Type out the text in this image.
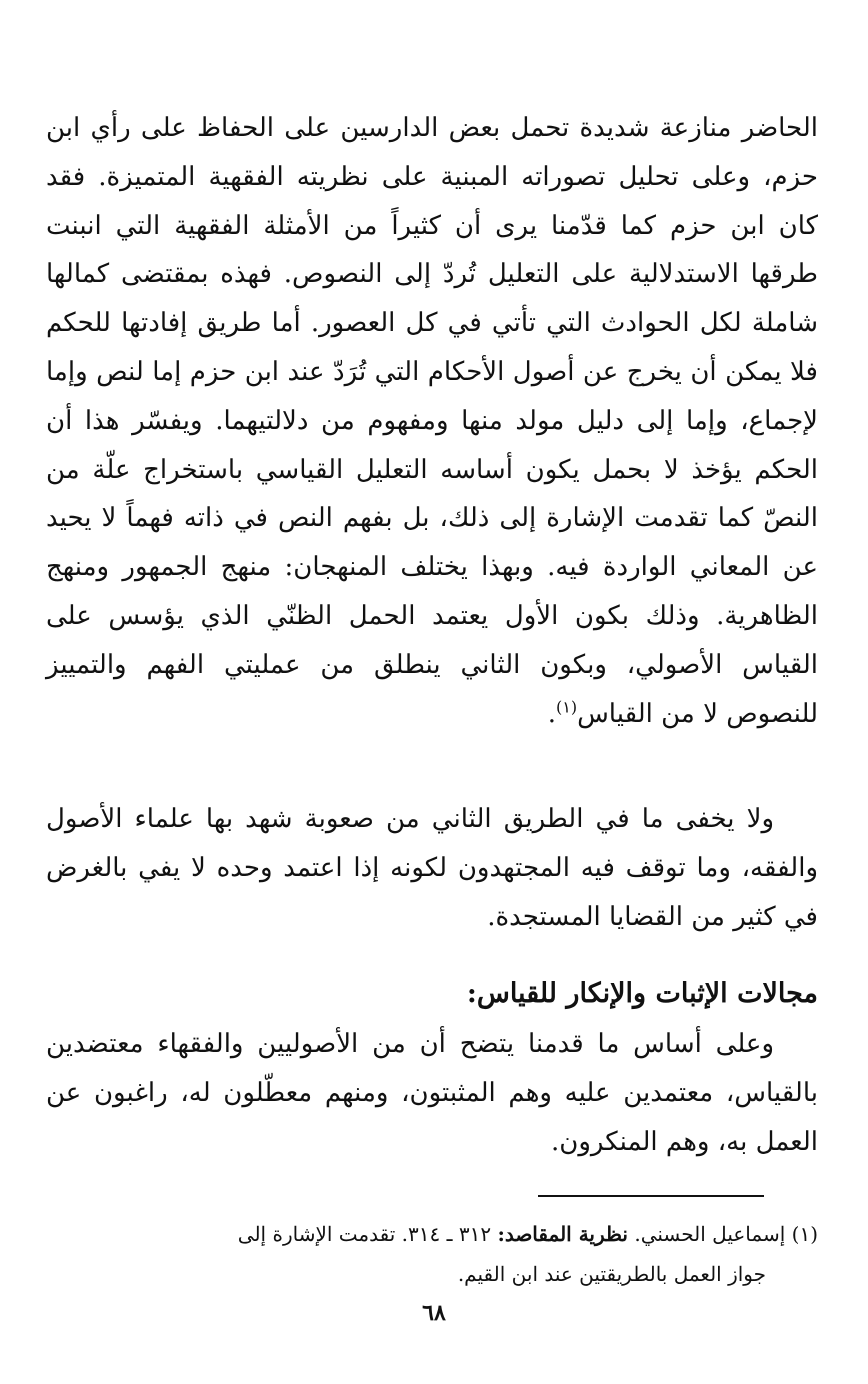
الحاضر منازعة شديدة تحمل بعض الدارسين على الحفاظ على رأي ابن حزم، وعلى تحليل تصوراته المبنية على نظريته الفقهية المتميزة. فقد كان ابن حزم كما قدّمنا يرى أن كثيراً من الأمثلة الفقهية التي انبنت طرقها الاستدلالية على التعليل تُردّ إلى النصوص. فهذه بمقتضى كمالها شاملة لكل الحوادث التي تأتي في كل العصور. أما طريق إفادتها للحكم فلا يمكن أن يخرج عن أصول الأحكام التي تُرَدّ عند ابن حزم إما لنص وإما لإجماع، وإما إلى دليل مولد منها ومفهوم من دلالتيهما. ويفسّر هذا أن الحكم يؤخذ لا بحمل يكون أساسه التعليل القياسي باستخراج علّة من النصّ كما تقدمت الإشارة إلى ذلك، بل بفهم النص في ذاته فهماً لا يحيد عن المعاني الواردة فيه. وبهذا يختلف المنهجان: منهج الجمهور ومنهج الظاهرية. وذلك بكون الأول يعتمد الحمل الظنّي الذي يؤسس على القياس الأصولي، وبكون الثاني ينطلق من عمليتي الفهم والتمييز للنصوص لا من القياس$^{(١)}$.
ولا يخفى ما في الطريق الثاني من صعوبة شهد بها علماء الأصول والفقه، وما توقف فيه المجتهدون لكونه إذا اعتمد وحده لا يفي بالغرض في كثير من القضايا المستجدة.
مجالات الإثبات والإنكار للقياس:
وعلى أساس ما قدمنا يتضح أن من الأصوليين والفقهاء معتضدين بالقياس، معتمدين عليه وهم المثبتون، ومنهم معطّلون له، راغبون عن العمل به، وهم المنكرون.
(١) إسماعيل الحسني. نظرية المقاصد: ٣١٢ ـ ٣١٤. تقدمت الإشارة إلى
جواز العمل بالطريقتين عند ابن القيم.
٦٨
